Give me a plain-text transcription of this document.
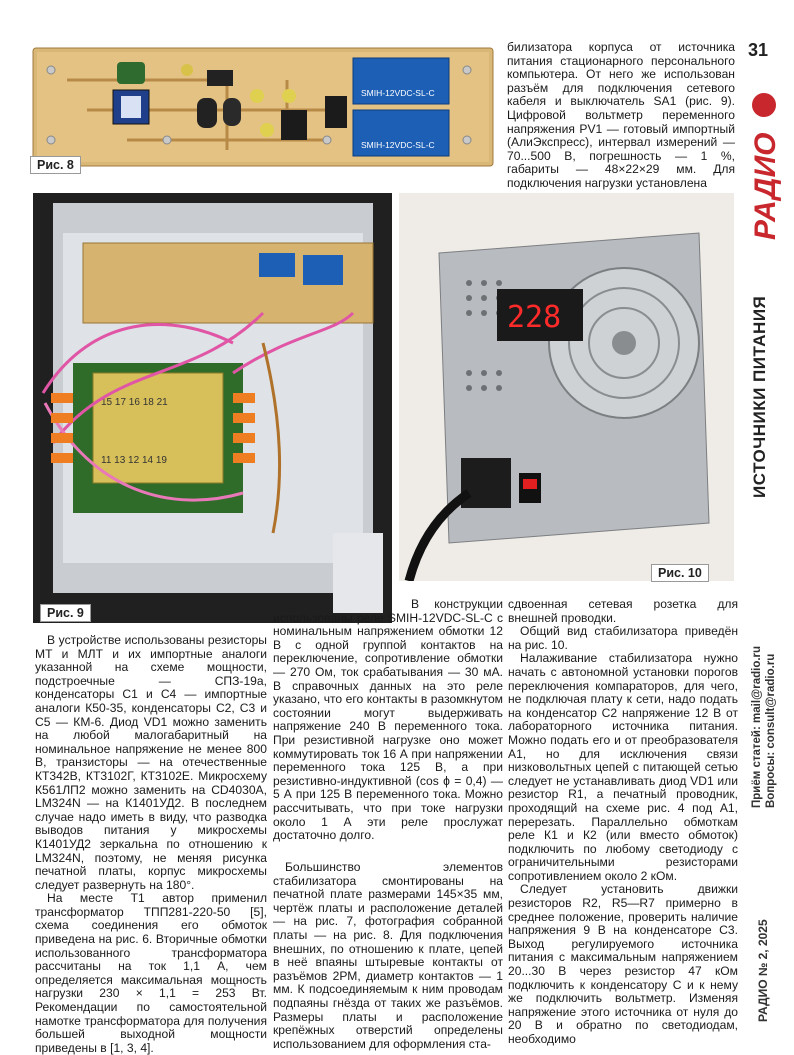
SMIH-12VDC-SL-C
SMIH-12VDC-SL-C
Рис. 8

билизатора корпуса от источника питания стационарного персонального компьютера. От него же использован разъём для подключения сетевого кабеля и выключатель SA1 (рис. 9). Цифровой вольтметр переменного напряжения PV1 — готовый импортный (АлиЭкспресс), интервал измерений — 70...500 В, погрешность — 1 %, габариты — 48×22×29 мм. Для подключения нагрузки установлена

15 17 16 18 21
11 13 12 14 19
Рис. 9
228
Рис. 10

В устройстве использованы резисторы МТ и МЛТ и их импортные аналоги указанной на схеме мощности, подстроечные — СПЗ-19а, конденсаторы С1 и С4 — импортные аналоги К50-35, конденсаторы С2, С3 и С5 — КМ-6. Диод VD1 можно заменить на любой малогабаритный на номинальное напряжение не менее 800 В, транзисторы — на отечественные КТ342В, КТ3102Г, КТ3102Е. Микросхему К561ЛП2 можно заменить на CD4030A, LM324N — на К1401УД2. В последнем случае надо иметь в виду, что разводка выводов питания у микросхемы К1401УД2 зеркальна по отношению к LM324N, поэтому, не меняя рисунка печатной платы, корпус микросхемы следует развернуть на 180°.

На месте Т1 автор применил трансформатор ТПП281-220-50 [5], схема соединения его обмоток приведена на рис. 6. Вторичные обмотки использованного трансформатора рассчитаны на ток 1,1 А, чем определяется максимальная мощность нагрузки 230 × 1,1 = 253 Вт. Рекомендации по самостоятельной намотке трансформатора для получения большей выходной мощности приведены в [1, 3, 4].

В конструкции использованы реле SMIH-12VDC-SL-C с номинальным напряжением обмотки 12 В с одной группой контактов на переключение, сопротивление обмотки — 270 Ом, ток срабатывания — 30 мА. В справочных данных на это реле указано, что его контакты в разомкнутом состоянии могут выдерживать напряжение 240 В переменного тока. При резистивной нагрузке оно может коммутировать ток 16 А при напряжении переменного тока 125 В, а при резистивно-индуктивной (cos ϕ = 0,4) — 5 А при 125 В переменного тока. Можно рассчитывать, что при токе нагрузки около 1 А эти реле прослужат достаточно долго.

Большинство элементов стабилизатора смонтированы на печатной плате размерами 145×35 мм, чертёж платы и расположение деталей — на рис. 7, фотография собранной платы — на рис. 8. Для подключения внешних, по отношению к плате, цепей в неё впаяны штыревые контакты от разъёмов 2РМ, диаметр контактов — 1 мм. К подсоединяемым к ним проводам подпаяны гнёзда от таких же разъёмов. Размеры платы и расположение крепёжных отверстий определены использованием для оформления ста-

сдвоенная сетевая розетка для внешней проводки.

Общий вид стабилизатора приведён на рис. 10.

Налаживание стабилизатора нужно начать с автономной установки порогов переключения компараторов, для чего, не подключая плату к сети, надо подать на конденсатор С2 напряжение 12 В от лабораторного источника питания. Можно подать его и от преобразователя А1, но для исключения связи низковольтных цепей с питающей сетью следует не устанавливать диод VD1 или резистор R1, а печатный проводник, проходящий на схеме рис. 4 под А1, перерезать. Параллельно обмоткам реле К1 и К2 (или вместо обмоток) подключить по любому светодиоду с ограничительными резисторами сопротивлением около 2 кОм.

Следует установить движки резисторов R2, R5—R7 примерно в среднее положение, проверить наличие напряжения 9 В на конденсаторе С3. Выход регулируемого источника питания с максимальным напряжением 20...30 В через резистор 47 кОм подключить к конденсатору С и к нему же подключить вольтметр. Изменяя напряжение этого источника от нуля до 20 В и обратно по светодиодам, необходимо

31
РАДИО
ИСТОЧНИКИ ПИТАНИЯ
Приём статей: mail@radio.ru Вопросы: consult@radio.ru
РАДИО № 2, 2025
